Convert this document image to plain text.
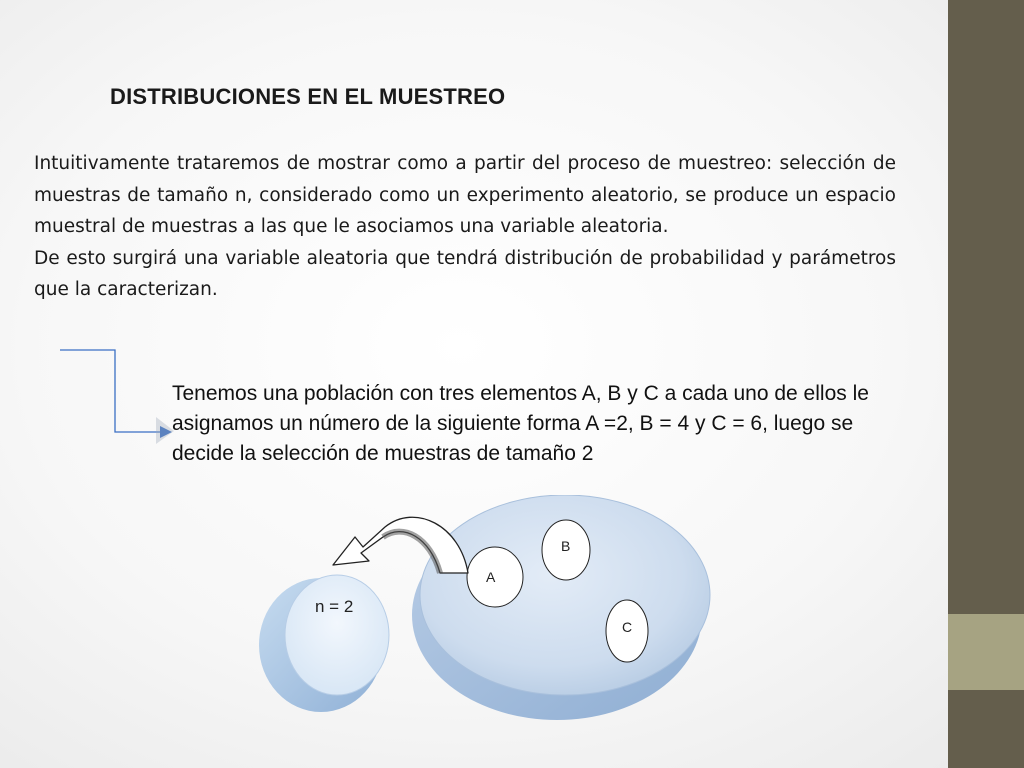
DISTRIBUCIONES EN EL MUESTREO

Intuitivamente trataremos de mostrar como a partir del proceso de muestreo: selección de muestras de tamaño n, considerado como un experimento aleatorio, se produce un espacio muestral de muestras a las que le asociamos una variable aleatoria.

De esto surgirá una variable aleatoria que tendrá distribución de probabilidad y parámetros que la caracterizan.

Tenemos una población con tres elementos A, B y C a cada uno de ellos le asignamos un número de la siguiente forma A =2, B = 4 y C = 6, luego se decide la selección de muestras de tamaño 2
A
B
C
n = 2
